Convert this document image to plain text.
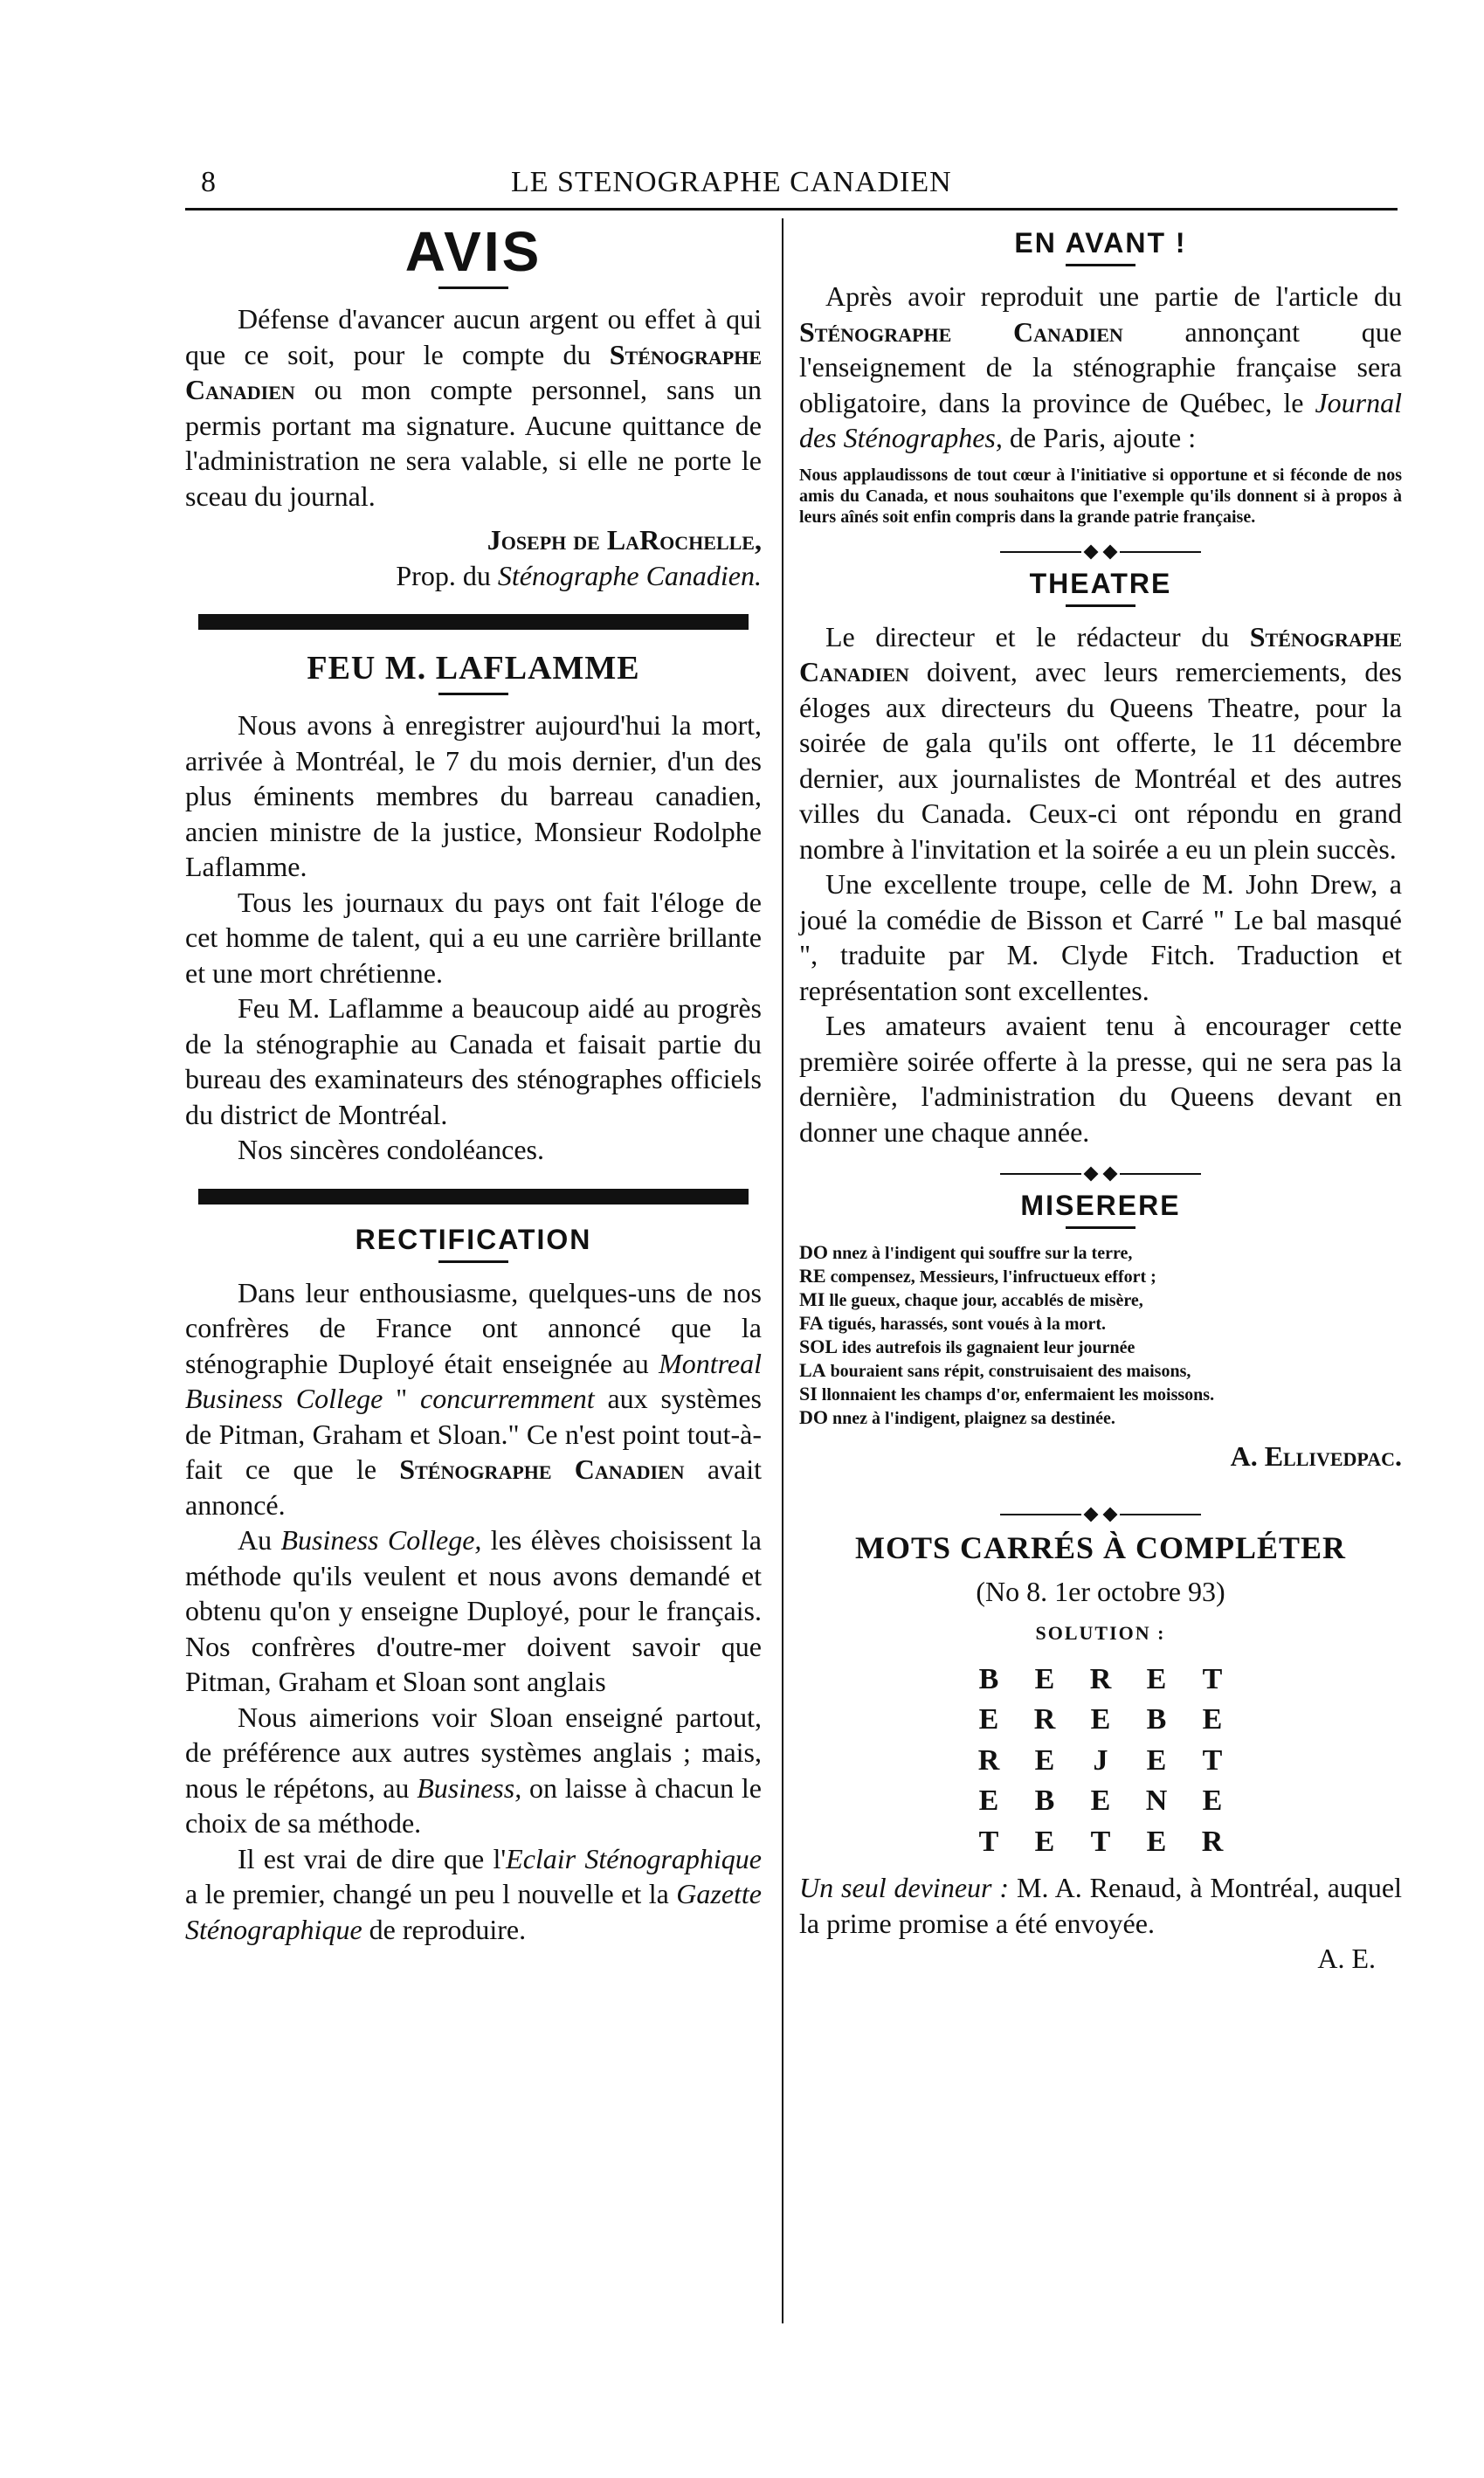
8	LE STENOGRAPHE CANADIEN
AVIS

Défense d'avancer aucun argent ou effet à qui que ce soit, pour le compte du Sténographe Canadien ou mon compte personnel, sans un permis portant ma signature. Aucune quittance de l'administration ne sera valable, si elle ne porte le sceau du journal.

Joseph de LaRochelle,

Prop. du Sténographe Canadien.

FEU M. LAFLAMME

Nous avons à enregistrer aujourd'hui la mort, arrivée à Montréal, le 7 du mois dernier, d'un des plus éminents membres du barreau canadien, ancien ministre de la justice, Monsieur Rodolphe Laflamme.

Tous les journaux du pays ont fait l'éloge de cet homme de talent, qui a eu une carrière brillante et une mort chrétienne.

Feu M. Laflamme a beaucoup aidé au progrès de la sténographie au Canada et faisait partie du bureau des examinateurs des sténographes officiels du district de Montréal.

Nos sincères condoléances.

RECTIFICATION

Dans leur enthousiasme, quelques-uns de nos confrères de France ont annoncé que la sténographie Duployé était enseignée au Montreal Business College " concurremment aux systèmes de Pitman, Graham et Sloan." Ce n'est point tout-à-fait ce que le Sténographe Canadien avait annoncé.

Au Business College, les élèves choisissent la méthode qu'ils veulent et nous avons demandé et obtenu qu'on y enseigne Duployé, pour le français. Nos confrères d'outre-mer doivent savoir que Pitman, Graham et Sloan sont anglais

Nous aimerions voir Sloan enseigné partout, de préférence aux autres systèmes anglais ; mais, nous le répétons, au Business, on laisse à chacun le choix de sa méthode.

Il est vrai de dire que l'Eclair Sténographique a le premier, changé un peu l nouvelle et la Gazette Sténographique de reproduire.

EN AVANT !

Après avoir reproduit une partie de l'article du Sténographe Canadien annonçant que l'enseignement de la sténographie française sera obligatoire, dans la province de Québec, le Journal des Sténographes, de Paris, ajoute :

Nous applaudissons de tout cœur à l'initiative si opportune et si féconde de nos amis du Canada, et nous souhaitons que l'exemple qu'ils donnent si à propos à leurs aînés soit enfin compris dans la grande patrie française.

THEATRE

Le directeur et le rédacteur du Sténographe Canadien doivent, avec leurs remerciements, des éloges aux directeurs du Queens Theatre, pour la soirée de gala qu'ils ont offerte, le 11 décembre dernier, aux journalistes de Montréal et des autres villes du Canada. Ceux-ci ont répondu en grand nombre à l'invitation et la soirée a eu un plein succès.

Une excellente troupe, celle de M. John Drew, a joué la comédie de Bisson et Carré " Le bal masqué ", traduite par M. Clyde Fitch. Traduction et représentation sont excellentes.

Les amateurs avaient tenu à encourager cette première soirée offerte à la presse, qui ne sera pas la dernière, l'administration du Queens devant en donner une chaque année.

MISERERE
DO nnez à l'indigent qui souffre sur la terre,
RE compensez, Messieurs, l'infructueux effort ;
MI lle gueux, chaque jour, accablés de misère,
FA tigués, harassés, sont voués à la mort.
SOL ides autrefois ils gagnaient leur journée
LA bouraient sans répit, construisaient des maisons,
SI llonnaient les champs d'or, enfermaient les moissons.
DO nnez à l'indigent, plaignez sa destinée.

A. Ellivedpac.

MOTS CARRÉS À COMPLÉTER

(No 8. 1er octobre 93)

SOLUTION :

B	E	R	E	T
E	R	E	B	E
R	E	J	E	T
E	B	E	N	E
T	E	T	E	R

Un seul devineur : M. A. Renaud, à Montréal, auquel la prime promise a été envoyée.

A. E.
